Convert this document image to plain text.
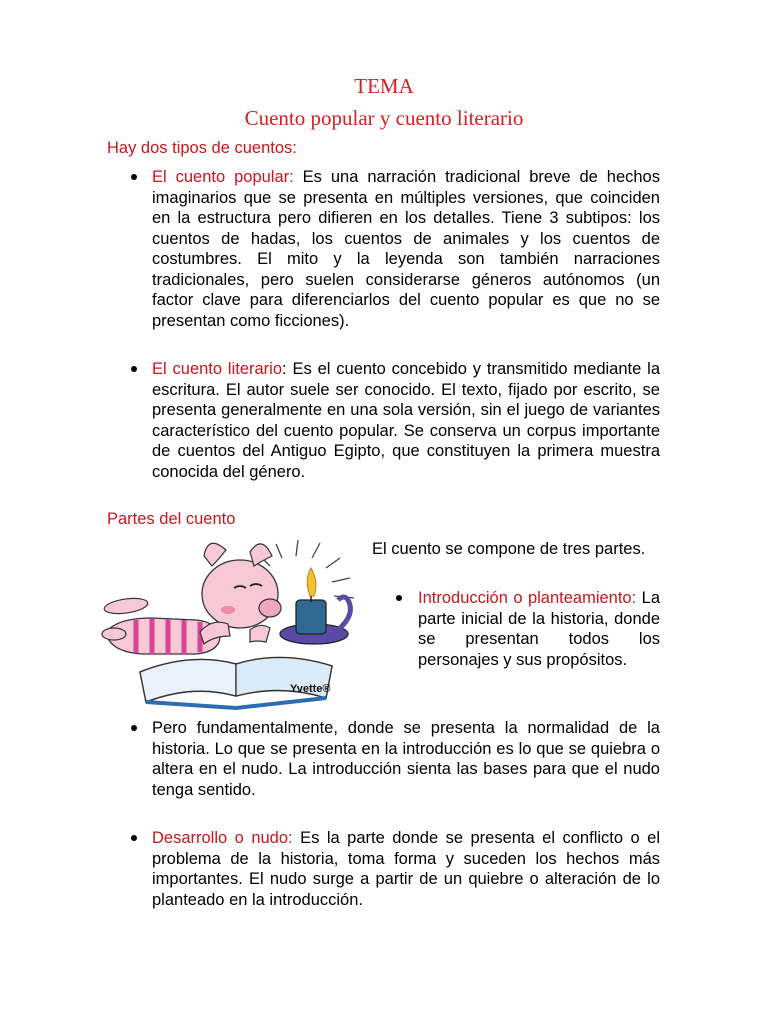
TEMA
Cuento popular y cuento literario
Hay dos tipos de cuentos:
El cuento popular: Es una narración tradicional breve de hechos imaginarios que se presenta en múltiples versiones, que coinciden en la estructura pero difieren en los detalles. Tiene 3 subtipos: los cuentos de hadas, los cuentos de animales y los cuentos de costumbres. El mito y la leyenda son también narraciones tradicionales, pero suelen considerarse géneros autónomos (un factor clave para diferenciarlos del cuento popular es que no se presentan como ficciones).
El cuento literario: Es el cuento concebido y transmitido mediante la escritura. El autor suele ser conocido. El texto, fijado por escrito, se presenta generalmente en una sola versión, sin el juego de variantes característico del cuento popular. Se conserva un corpus importante de cuentos del Antiguo Egipto, que constituyen la primera muestra conocida del género.
Partes del cuento
Yvette®
El cuento se compone de tres partes.
Introducción o planteamiento: La parte inicial de la historia, donde se presentan todos los personajes y sus propósitos.
Pero fundamentalmente, donde se presenta la normalidad de la historia. Lo que se presenta en la introducción es lo que se quiebra o altera en el nudo. La introducción sienta las bases para que el nudo tenga sentido.
Desarrollo o nudo: Es la parte donde se presenta el conflicto o el problema de la historia, toma forma y suceden los hechos más importantes. El nudo surge a partir de un quiebre o alteración de lo planteado en la introducción.
